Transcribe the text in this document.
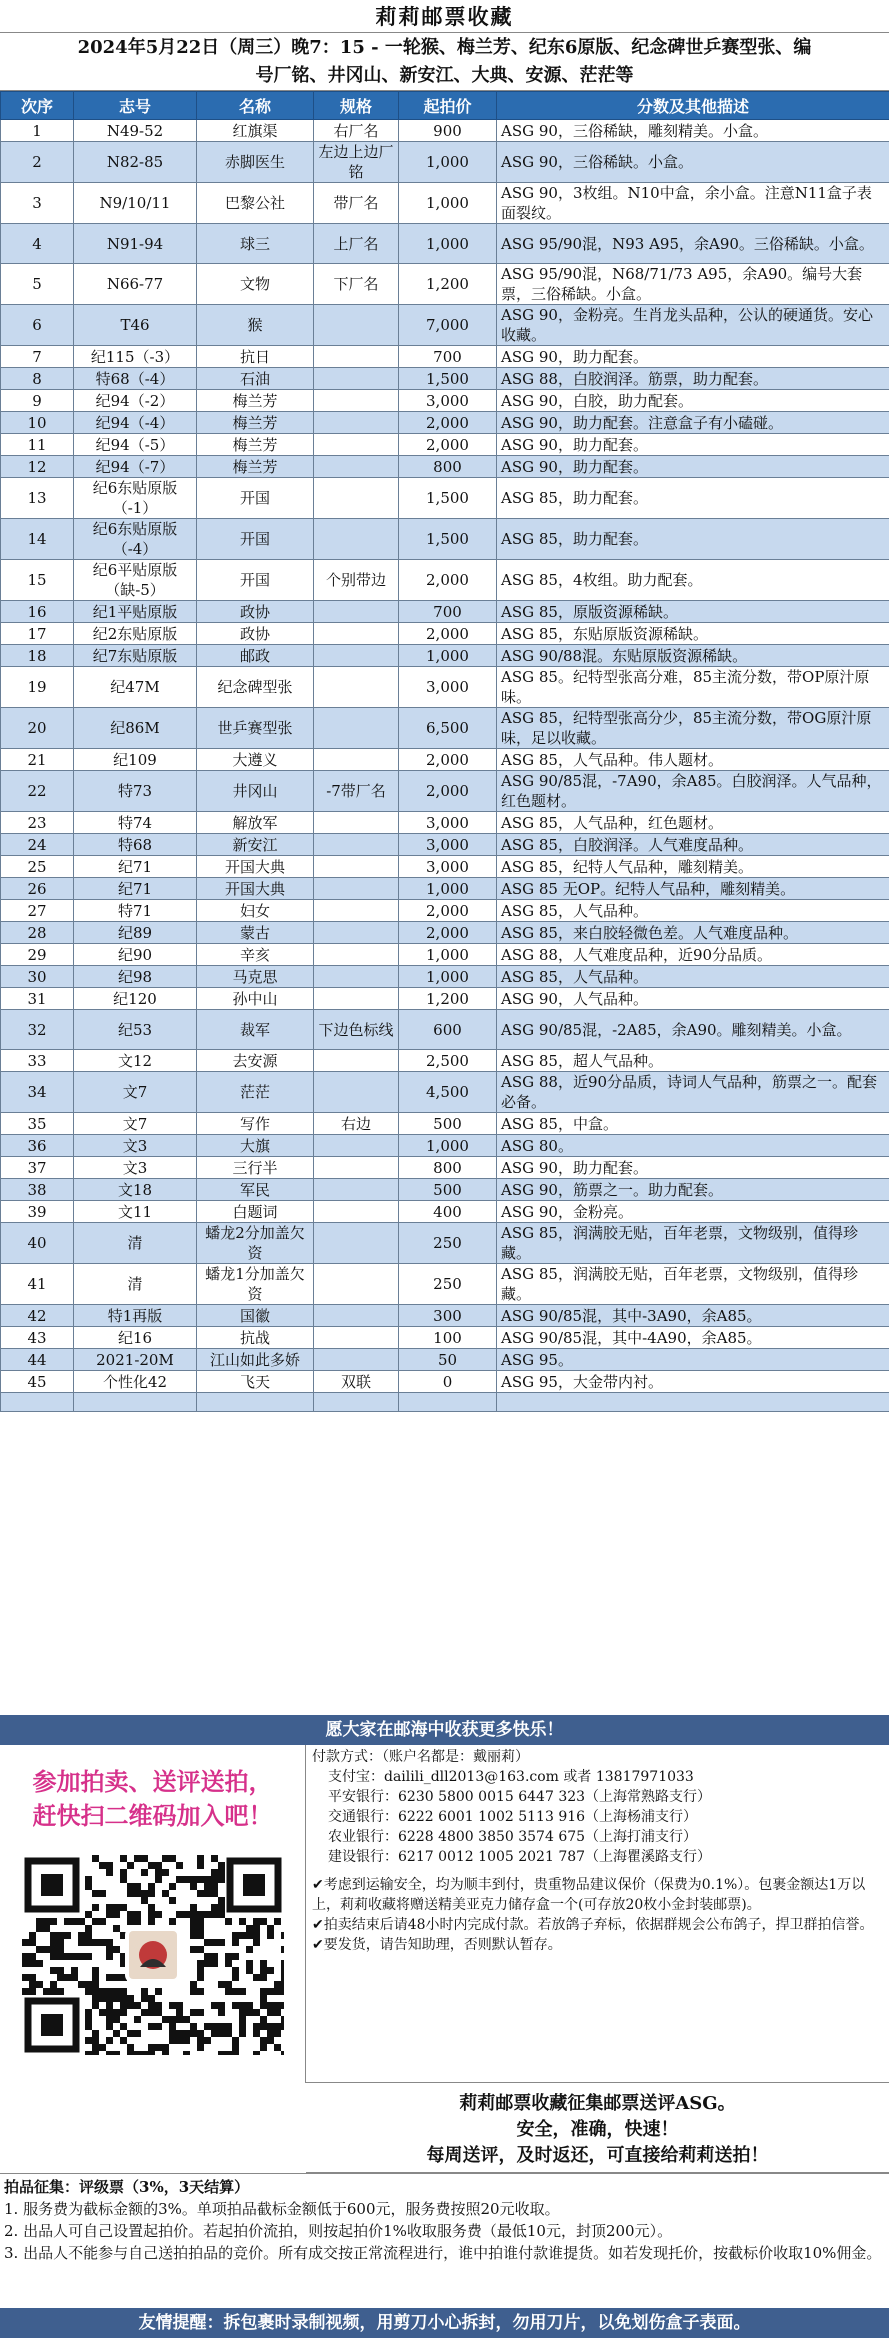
莉莉邮票收藏
2024年5月22日（周三）晚7：15 - 一轮猴、梅兰芳、纪东6原版、纪念碑世乒赛型张、编
号厂铭、井冈山、新安江、大典、安源、茫茫等
次序	志号	名称	规格	起拍价	分数及其他描述
1	N49-52	红旗渠	右厂名	900	ASG 90，三俗稀缺，雕刻精美。小盒。
2	N82-85	赤脚医生	左边上边厂铭	1,000	ASG 90，三俗稀缺。小盒。
3	N9/10/11	巴黎公社	带厂名	1,000	ASG 90，3枚组。N10中盒，余小盒。注意N11盒子表面裂纹。
4	N91-94	球三	上厂名	1,000	ASG 95/90混，N93 A95，余A90。三俗稀缺。小盒。
5	N66-77	文物	下厂名	1,200	ASG 95/90混，N68/71/73 A95，余A90。编号大套票，三俗稀缺。小盒。
6	T46	猴		7,000	ASG 90，金粉亮。生肖龙头品种，公认的硬通货。安心收藏。
7	纪115（-3）	抗日		700	ASG 90，助力配套。
8	特68（-4）	石油		1,500	ASG 88，白胶润泽。筋票，助力配套。
9	纪94（-2）	梅兰芳		3,000	ASG 90，白胶，助力配套。
10	纪94（-4）	梅兰芳		2,000	ASG 90，助力配套。注意盒子有小磕碰。
11	纪94（-5）	梅兰芳		2,000	ASG 90，助力配套。
12	纪94（-7）	梅兰芳		800	ASG 90，助力配套。
13	纪6东贴原版（-1）	开国		1,500	ASG 85，助力配套。
14	纪6东贴原版（-4）	开国		1,500	ASG 85，助力配套。
15	纪6平贴原版（缺-5）	开国	个别带边	2,000	ASG 85，4枚组。助力配套。
16	纪1平贴原版	政协		700	ASG 85，原版资源稀缺。
17	纪2东贴原版	政协		2,000	ASG 85，东贴原版资源稀缺。
18	纪7东贴原版	邮政		1,000	ASG 90/88混。东贴原版资源稀缺。
19	纪47M	纪念碑型张		3,000	ASG 85。纪特型张高分难，85主流分数，带OP原汁原味。
20	纪86M	世乒赛型张		6,500	ASG 85，纪特型张高分少，85主流分数，带OG原汁原味，足以收藏。
21	纪109	大遵义		2,000	ASG 85，人气品种。伟人题材。
22	特73	井冈山	-7带厂名	2,000	ASG 90/85混，-7A90，余A85。白胶润泽。人气品种，红色题材。
23	特74	解放军		3,000	ASG 85，人气品种，红色题材。
24	特68	新安江		3,000	ASG 85，白胶润泽。人气难度品种。
25	纪71	开国大典		3,000	ASG 85，纪特人气品种，雕刻精美。
26	纪71	开国大典		1,000	ASG 85 无OP。纪特人气品种，雕刻精美。
27	特71	妇女		2,000	ASG 85，人气品种。
28	纪89	蒙古		2,000	ASG 85，来白胶轻微色差。人气难度品种。
29	纪90	辛亥		1,000	ASG 88，人气难度品种，近90分品质。
30	纪98	马克思		1,000	ASG 85，人气品种。
31	纪120	孙中山		1,200	ASG 90，人气品种。
32	纪53	裁军	下边色标线	600	ASG 90/85混，-2A85，余A90。雕刻精美。小盒。
33	文12	去安源		2,500	ASG 85，超人气品种。
34	文7	茫茫		4,500	ASG 88，近90分品质，诗词人气品种，筋票之一。配套必备。
35	文7	写作	右边	500	ASG 85，中盒。
36	文3	大旗		1,000	ASG 80。
37	文3	三行半		800	ASG 90，助力配套。
38	文18	军民		500	ASG 90，筋票之一。助力配套。
39	文11	白题词		400	ASG 90，金粉亮。
40	清	蟠龙2分加盖欠资		250	ASG 85，润满胶无贴，百年老票，文物级别，值得珍藏。
41	清	蟠龙1分加盖欠资		250	ASG 85，润满胶无贴，百年老票，文物级别，值得珍藏。
42	特1再版	国徽		300	ASG 90/85混，其中-3A90，余A85。
43	纪16	抗战		100	ASG 90/85混，其中-4A90，余A85。
44	2021-20M	江山如此多娇		50	ASG 95。
45	个性化42	飞天	双联	0	ASG 95，大金带内衬。

愿大家在邮海中收获更多快乐！
参加拍卖、送评送拍，
赶快扫二维码加入吧！
付款方式：（账户名都是：戴丽莉）
支付宝：dailili_dll2013@163.com 或者 13817971033
平安银行：6230 5800 0015 6447 323（上海常熟路支行）
交通银行：6222 6001 1002 5113 916（上海杨浦支行）
农业银行：6228 4800 3850 3574 675（上海打浦支行）
建设银行：6217 0012 1005 2021 787（上海瞿溪路支行）
✔考虑到运输安全，均为顺丰到付，贵重物品建议保价（保费为0.1%）。包裹金额达1万以上，莉莉收藏将赠送精美亚克力储存盒一个(可存放20枚小金封装邮票)。
✔拍卖结束后请48小时内完成付款。若放鸽子弃标，依据群规会公布鸽子，捍卫群拍信誉。
✔要发货，请告知助理，否则默认暂存。
莉莉邮票收藏征集邮票送评ASG。
安全，准确，快速！
每周送评，及时返还，可直接给莉莉送拍！
拍品征集：评级票（3%，3天结算）
1. 服务费为截标金额的3%。单项拍品截标金额低于600元，服务费按照20元收取。
2. 出品人可自己设置起拍价。若起拍价流拍，则按起拍价1%收取服务费（最低10元，封顶200元）。
3. 出品人不能参与自己送拍拍品的竞价。所有成交按正常流程进行，谁中拍谁付款谁提货。如若发现托价，按截标价收取10%佣金。
友情提醒：拆包裹时录制视频，用剪刀小心拆封，勿用刀片，以免划伤盒子表面。
